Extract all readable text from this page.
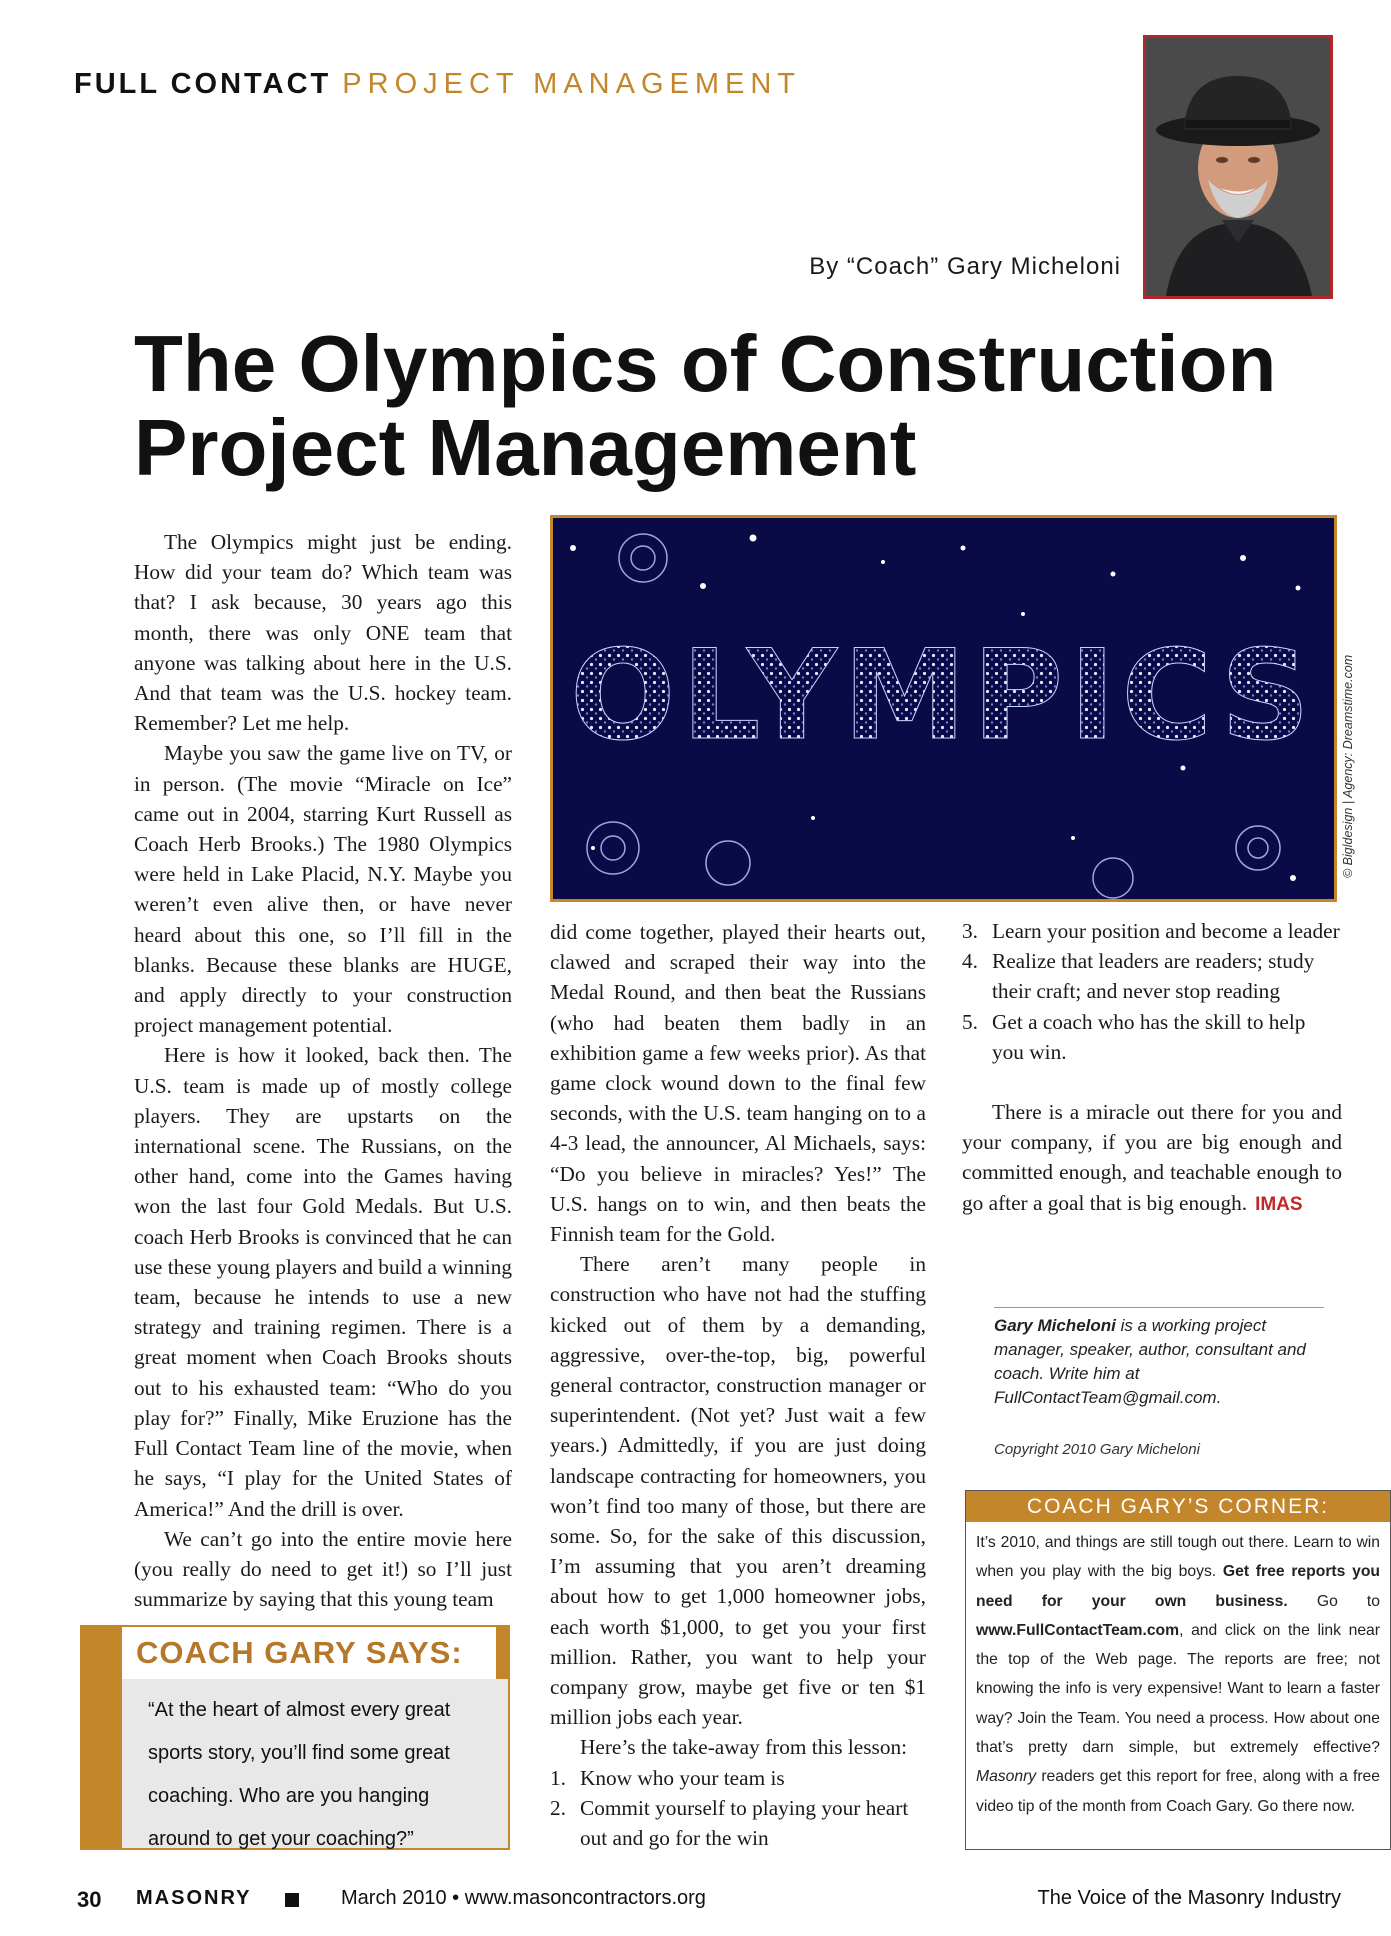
FULL CONTACT PROJECT MANAGEMENT
By “Coach” Gary Micheloni
The Olympics of Construction
Project Management

The Olympics might just be ending. How did your team do? Which team was that? I ask because, 30 years ago this month, there was only ONE team that anyone was talking about here in the U.S. And that team was the U.S. hockey team. Remember? Let me help.

Maybe you saw the game live on TV, or in person. (The movie “Miracle on Ice” came out in 2004, starring Kurt Russell as Coach Herb Brooks.) The 1980 Olympics were held in Lake Placid, N.Y. Maybe you weren’t even alive then, or have never heard about this one, so I’ll fill in the blanks. Because these blanks are HUGE, and apply directly to your construction project management potential.

Here is how it looked, back then. The U.S. team is made up of mostly college players. They are upstarts on the international scene. The Russians, on the other hand, come into the Games having won the last four Gold Medals. But U.S. coach Herb Brooks is convinced that he can use these young players and build a winning team, because he intends to use a new strategy and training regimen. There is a great moment when Coach Brooks shouts out to his exhausted team: “Who do you play for?” Finally, Mike Eruzione has the Full Contact Team line of the movie, when he says, “I play for the United States of America!” And the drill is over.

We can’t go into the entire movie here (you really do need to get it!) so I’ll just summarize by saying that this young team

OLYMPICS © Bigldesign | Agency: Dreamstime.com

did come together, played their hearts out, clawed and scraped their way into the Medal Round, and then beat the Russians (who had beaten them badly in an exhibition game a few weeks prior). As that game clock wound down to the final few seconds, with the U.S. team hanging on to a 4-3 lead, the announcer, Al Michaels, says: “Do you believe in miracles? Yes!” The U.S. hangs on to win, and then beats the Finnish team for the Gold.

There aren’t many people in construction who have not had the stuffing kicked out of them by a demanding, aggressive, over-the-top, big, powerful general contractor, construction manager or superintendent. (Not yet? Just wait a few years.) Admittedly, if you are just doing landscape contracting for homeowners, you won’t find too many of those, but there are some. So, for the sake of this discussion, I’m assuming that you aren’t dreaming about how to get 1,000 homeowner jobs, each worth $1,000, to get you your first million. Rather, you want to help your company grow, maybe get five or ten $1 million jobs each year.

Here’s the take-away from this lesson:

1. Know who your team is
2. Commit yourself to playing your heart out and go for the win
3. Learn your position and become a leader
4. Realize that leaders are readers; study their craft; and never stop reading
5. Get a coach who has the skill to help you win.

There is a miracle out there for you and your company, if you are big enough and committed enough, and teachable enough to go after a goal that is big enough. IMAS

Gary Micheloni is a working project manager, speaker, author, consultant and coach. Write him at FullContactTeam@gmail.com.
Copyright 2010 Gary Micheloni
COACH GARY SAYS:
“At the heart of almost every great sports story, you’ll find some great coaching. Who are you hanging around to get your coaching?”
COACH GARY’S CORNER:
It’s 2010, and things are still tough out there. Learn to win when you play with the big boys. Get free reports you need for your own business. Go to www.FullContactTeam.com, and click on the link near the top of the Web page. The reports are free; not knowing the info is very expensive! Want to learn a faster way? Join the Team. You need a process. How about one that’s pretty darn simple, but extremely effective? Masonry readers get this report for free, along with a free video tip of the month from Coach Gary. Go there now.
30 MASONRY	March 2010 • www.masoncontractors.org	The Voice of the Masonry Industry
